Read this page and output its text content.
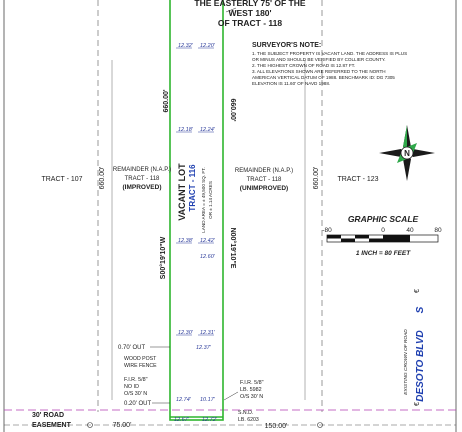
THE EASTERLY 75' OF THE
WEST 180'
OF TRACT - 118
SURVEYOR'S NOTE:
1. THE SUBJECT PROPERTY IS VACANT LAND. THE ADDRESS IS PLUS
OR MINUS AND SHOULD BE VERIFIED BY COLLIER COUNTY.
2. THE HIGHEST CROWN OF ROAD IS 12.87 FT.
3. ALL ELEVATIONS SHOWN ARE REFERRED TO THE NORTH
AMERICAN VERTICAL DATUM OF 1988. BENCHMARK ID: DG 7305
ELEVATION IS 11.60' OF NAVD 1988.
TRACT - 107	TRACT - 123
REMAINDER (N.A.P.)
TRACT - 118
(IMPROVED)
REMAINDER (N.A.P.)
TRACT - 118
(UNIMPROVED)
VACANT LOT TRACT - 116 LAND AREA = ± 49,500 SQ. FT. OR ± 1.14 ACRES
660.00'	660.00'
S00°19'10"W	N00°19'10"E
660.00'	660.00'
12.32' 12.20'
12.18' 12.24'
12.38' 12.42'
12.60'
12.30' 12.31'
12.37'
12.74' 10.17'
12.67' 12.72'
0.70' OUT
WOOD POST
WIRE FENCE
F.I.R. 5/8"
NO ID
O/S 30' N
0.20' OUT
F.I.R. 5/8"
LB. 5982
O/S 30' N
S.N.D.
LB. 6203
30' ROAD
EASEMENT	75.00'	150.00'
N
GRAPHIC SCALE
-80	0	40	80
1 INCH = 80 FEET
DESOTO BLVD
S
EXISTING CROWN OF ROAD
€
€
